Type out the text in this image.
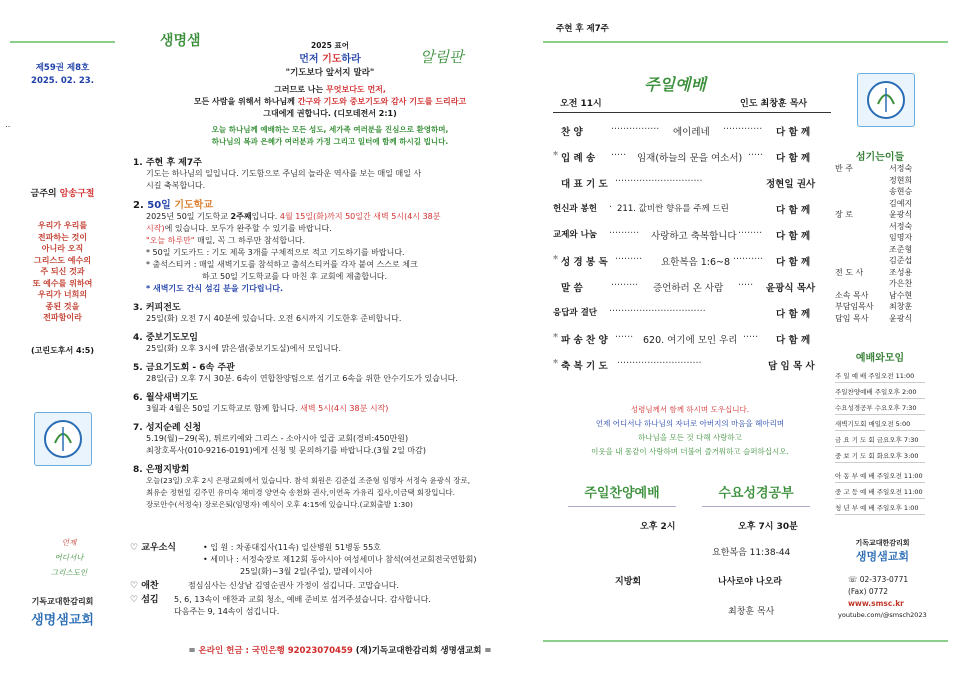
제59권 제8호
2025. 02. 23.
‥
금주의 암송구절
우리가 우리를
전파하는 것이
아니라 오직
그리스도 예수의
주 되신 것과
또 예수를 위하여
우리가 너희의
종된 것을
전파함이라
(고린도후서 4:5)
언제
어디서나
그리스도인
기독교대한감리회
생명샘교회
생명샘	2025 표어
먼저 기도하라
"기도보다 앞서지 말라"
알림판
그러므로 나는 무엇보다도 먼저,
모든 사람을 위해서 하나님께 간구와 기도와 중보기도와 감사 기도를 드리라고
그대에게 권합니다. (디모데전서 2:1)
오늘 하나님께 예배하는 모든 성도, 세가족 여러분을 진심으로 환영하며,
하나님의 복과 은혜가 여러분과 가정 그리고 일터에 함께 하시길 빕니다.
1. 주현 후 제7주
기도는 하나님의 일입니다. 기도함으로 주님의 놀라운 역사를 보는 매일 매일 사
시길 축복합니다.
2. 50일 기도학교
2025년 50일 기도학교 2주째입니다. 4월 15일(화)까지 50일간 새벽 5시(4시 38분
시작)에 있습니다. 모두가 완주할 수 있기를 바랍니다.
"오늘 하루만" 매일, 꼭 그 하루만 참석합니다.
* 50일 기도카드 : 기도 제목 3개를 구체적으로 적고 기도하기를 바랍니다.
* 출석스티커 : 매일 새벽기도를 참석하고 출석스티커를 각자 붙여 스스로 체크
하고 50일 기도학교를 다 마친 후 교회에 제출합니다.
* 새벽기도 간식 섬김 분을 기다립니다.
3. 커피전도
25일(화) 오전 7시 40분에 있습니다. 오전 6시까지 기도한후 준비합니다.
4. 중보기도모임
25일(화) 오후 3시에 맑은샘(중보기도실)에서 모입니다.
5. 금요기도회 - 6속 주관
28일(금) 오후 7시 30분. 6속이 연합찬양팀으로 섬기고 6속을 위한 안수기도가 있습니다.
6. 월삭새벽기도
3월과 4월은 50일 기도학교로 함께 합니다. 새벽 5시(4시 38분 시작)
7. 성지순례 신청
5.19(월)~29(목), 튀르키예와 그리스 - 소아시아 일곱 교회(경비:450만원)
최창호목사(010-9216-0191)에게 신청 및 문의하기를 바랍니다.(3월 2일 마감)
8. 은평지방회
오늘(23일) 오후 2시 은평교회에서 있습니다. 참석 회원은 김준섭 조준형 임명자 서정숙 윤광식 장로,
최유순 정현일 김주민 유미숙 채미경 양연숙 송천화 권사,이연옥 가유리 집사,이금택 회장입니다.
장로안수(서정숙) 장로은퇴(임명자) 예식이 오후 4:15에 있습니다.(교회출발 1:30)
♡ 교우소식	• 입 원 : 차종대집사(11속) 일산병원 51병동 55호
• 세미나 : 서정숙장로 제12회 동아시아 여성세미나 참석(여선교회전국연합회)
25일(화)~3월 2일(주일), 말레이시아
♡ 애찬	점심심사는 신상남 김영순권사 가정이 섬깁니다. 고맙습니다.
♡ 섬김 5, 6, 13속이 애찬과 교회 청소, 예배 준비로 섬겨주셨습니다. 감사합니다.
다음주는 9, 14속이 섬깁니다.
= 온라인 헌금 : 국민은행 92023070459 (재)기독교대한감리회 생명샘교회 =
주현 후 제7주
주일예배
오전 11시	인도 최창훈 목사
찬 양	················ 에이레네 ············· 다 함 께
* 입 례 송 ····· 임재(하늘의 문을 여소서) ····· 다 함 께
대 표 기 도 ·····························	정현일 권사
헌신과 봉헌 · 211. 값비싼 향유를 주께 드린	다 함 께
교제와 나눔 ·········· 사랑하고 축복합니다 ········ 다 함 께
* 성 경 봉 독 ········· 요한복음 1:6~8 ·········· 다 함 께
말 씀	········· 증언하러 온 사람 ····· 윤광식 목사
응답과 결단 ································	다 함 께
* 파 송 찬 양 ······ 620. 여기에 모인 우리 ····· 다 함 께
* 축 복 기 도 ····························	담 임 목 사
성령님께서 함께 하시며 도우십니다.
언제 어디서나 하나님의 자녀로 아버지의 마음을 헤아리며
하나님을 모든 것 다해 사랑하고
이웃을 내 몸같이 사랑하며 더불어 즐거워하고 슬퍼하십시오.
주일찬양예배	수요성경공부
오후 2시	오후 7시 30분
요한복음 11:38-44
지방회	나사로야 나오라
최창훈 목사
섬기는이들
반 주	서정숙
정현희
송현승
김예지
장 로	윤광식
서정숙
임명자
조준형
김준섭
전 도 사	조성용
가은찬
소속 목사	남수현
부담임목사 최창훈
담임 목사	윤광식
예배와모임
주 일 예 배 주일오전 11:00
주일찬양예배 주일오후 2:00
수요성경공부 수요오후 7:30
새벽기도회 매일오전 5:00
금 요 기 도 회 금요오후 7:30
중 보 기 도 회 화요오후 3:00
아 동 부 예 배 주일오전 11:00
중 고 등 예 배 주일오전 11:00
청 년 부 예 배 주일오후 1:00
기독교대한감리회
생명샘교회
☏ 02-373-0771
(Fax) 0772
www.smsc.kr
youtube.com/@smsch2023
